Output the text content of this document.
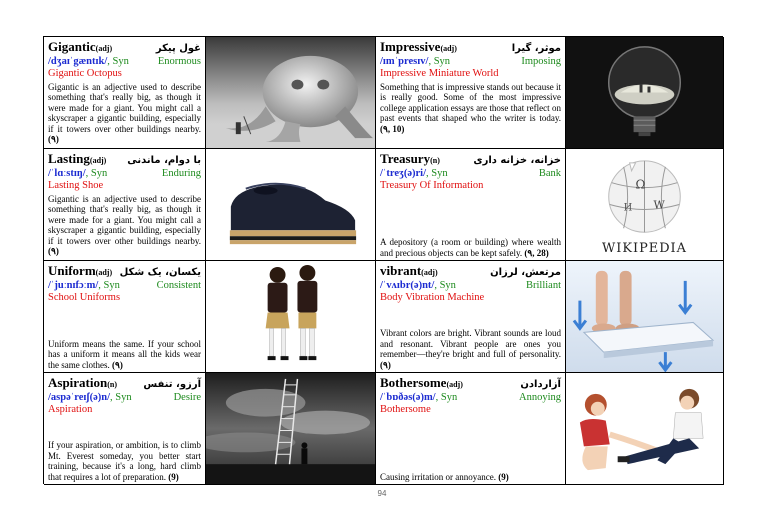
Gigantic(adj)	غول پیکر
/dʒaɪˈgæntɪk/, Syn	Enormous
Gigantic Octopus
Gigantic is an adjective used to describe something that's really big, as though it were made for a giant. You might call a skyscraper a gigantic building, especially if it towers over other buildings nearby. (۹)
Impressive(adj)	موثر، گیرا
/ɪmˈpresɪv/, Syn	Imposing
Impressive Miniature World
Something that is impressive stands out because it is really good. Some of the most impressive college application essays are those that reflect on past events that shaped who the writer is today. (۹, 10)
Lasting(adj) با دوام، ماندنی
/ˈlɑːstɪŋ/, Syn	Enduring
Lasting Shoe
Gigantic is an adjective used to describe something that's really big, as though it were made for a giant. You might call a skyscraper a gigantic building, especially if it towers over other buildings nearby. (۹)
Treasury(n)	خزانه، خزانه داری
/ˈtreʒ(ə)ri/, Syn	Bank
Treasury Of Information
A depository (a room or building) where wealth and precious objects can be kept safely. (۹, 28)
Ω
W
И
WIKIPEDIA
Uniform(adj) یکسان، یک شکل
/ˈjuːnɪfɔːm/, Syn	Consistent
School Uniforms
Uniform means the same. If your school has a uniform it means all the kids wear the same clothes. (۹)
vibrant(adj)	مرتعش، لرزان
/ˈvʌɪbr(ə)nt/, Syn	Brilliant
Body Vibration Machine
Vibrant colors are bright. Vibrant sounds are loud and resonant. Vibrant people are ones you remember—they're bright and full of personality. (۹)
Aspiration(n)	آرزو، تنفس
/aspəˈreɪʃ(ə)n/, Syn	Desire
Aspiration
If your aspiration, or ambition, is to climb Mt. Everest someday, you better start training, because it's a long, hard climb that requires a lot of preparation. (9)
Bothersome(adj)	آزاردادن
/ˈbɒðəs(ə)m/, Syn	Annoying
Bothersome
Causing irritation or annoyance. (9)
94
